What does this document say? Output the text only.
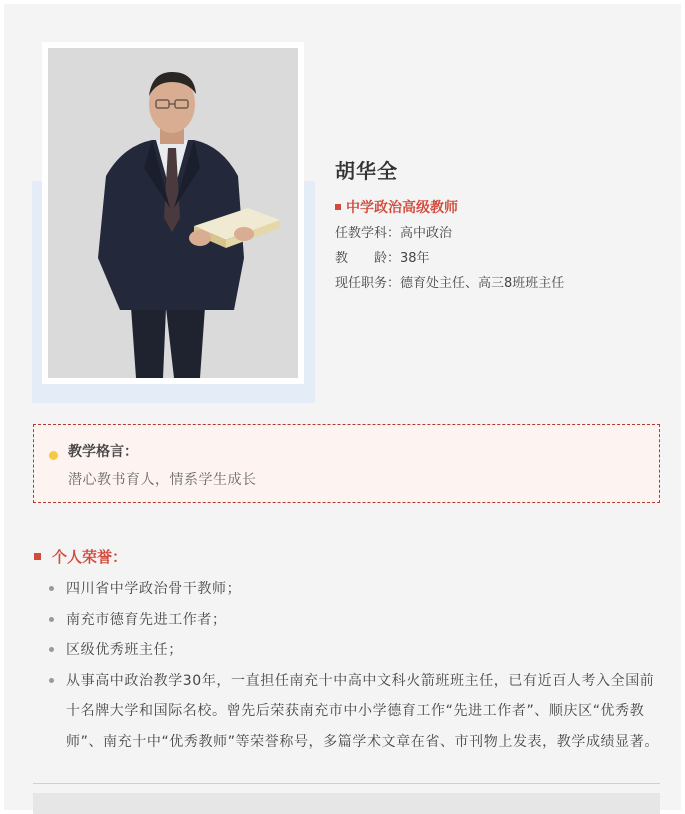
胡华全
中学政治高级教师
任教学科：高中政治
教　　龄：38年
现任职务：德育处主任、高三8班班主任
教学格言：
潜心教书育人，情系学生成长
个人荣誉：
四川省中学政治骨干教师；
南充市德育先进工作者；
区级优秀班主任；
从事高中政治教学30年，一直担任南充十中高中文科火箭班班主任，已有近百人考入全国前十名牌大学和国际名校。曾先后荣获南充市中小学德育工作“先进工作者”、顺庆区“优秀教师”、南充十中“优秀教师”等荣誉称号，多篇学术文章在省、市刊物上发表，教学成绩显著。
